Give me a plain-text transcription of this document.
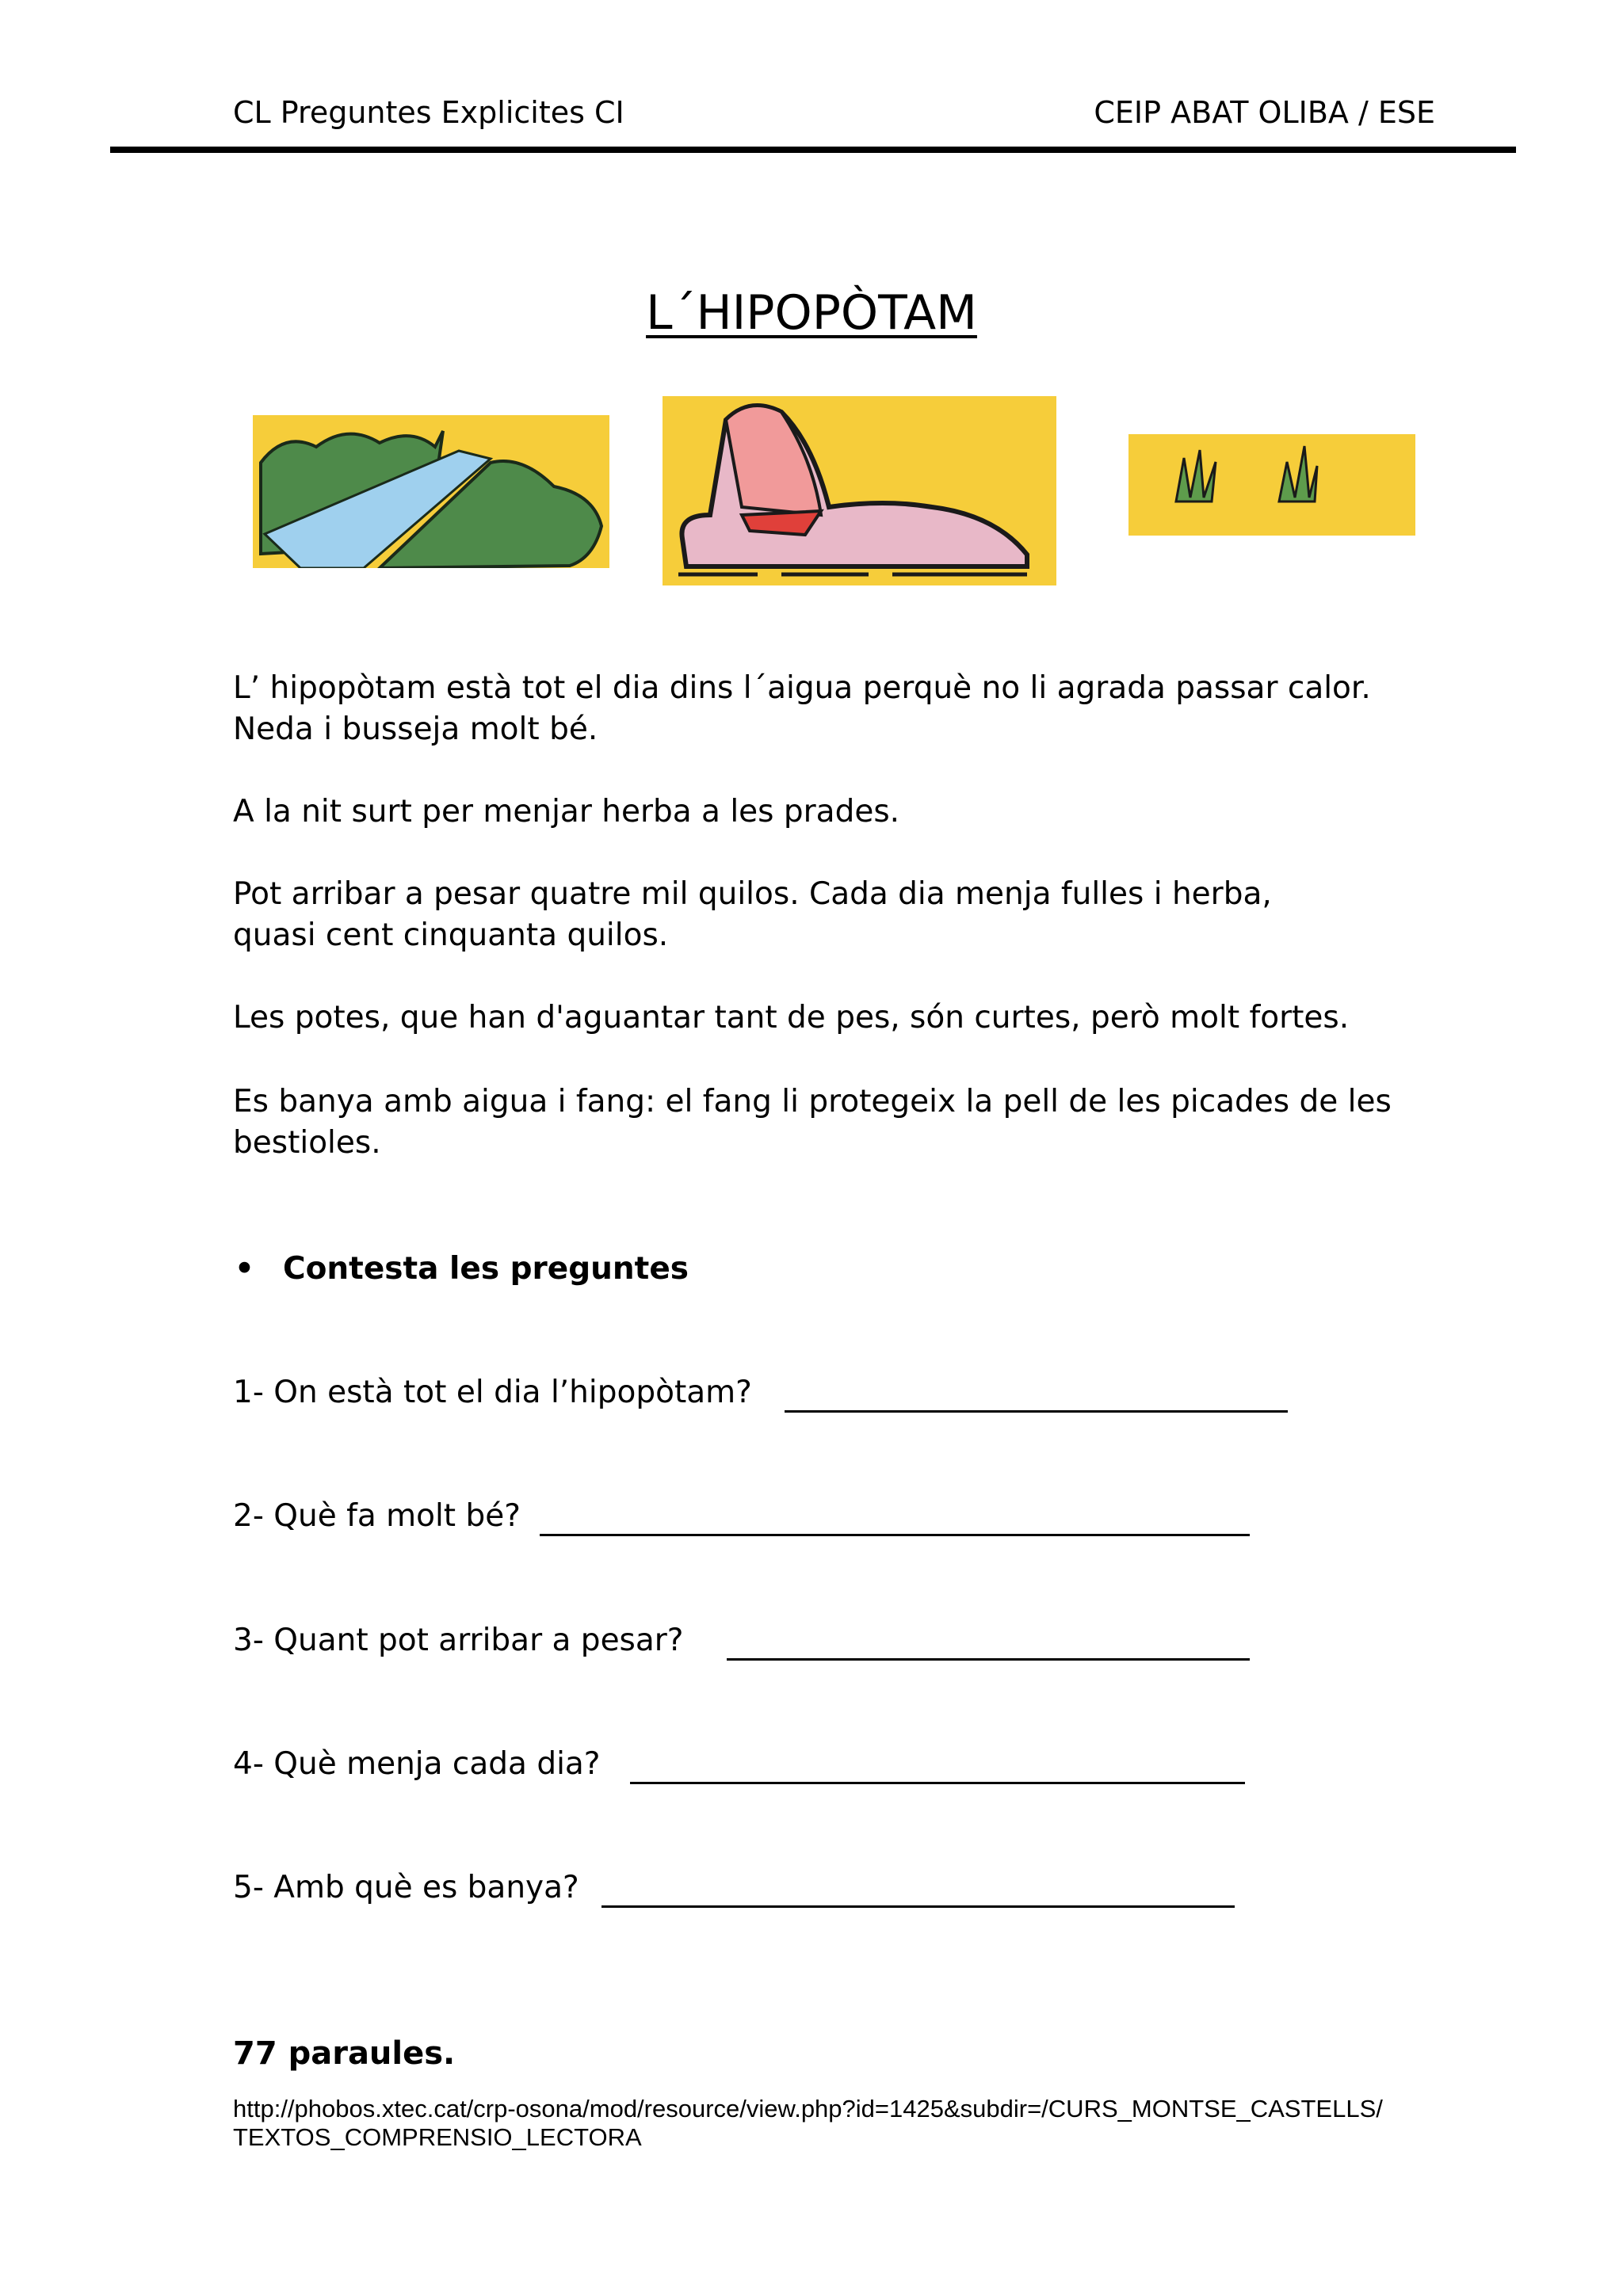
CL Preguntes Explicites CI	CEIP ABAT OLIBA / ESE
L´HIPOPÒTAM
L’ hipopòtam està tot el dia dins l´aigua perquè no li agrada passar calor.
Neda i busseja molt bé.
A la nit surt per menjar herba a les prades.
Pot arribar a pesar quatre mil quilos. Cada dia menja fulles i herba,
quasi cent cinquanta quilos.
Les potes, que han d'aguantar tant de pes, són curtes, però molt fortes.
Es banya amb aigua i fang: el fang li protegeix la pell de les picades de les
bestioles.
• Contesta les preguntes
1- On està tot el dia l’hipopòtam?
2- Què fa molt bé?
3- Quant pot arribar a pesar?
4- Què menja cada dia?
5- Amb què es banya?
77 paraules.
http://phobos.xtec.cat/crp-osona/mod/resource/view.php?id=1425&subdir=/CURS_MONTSE_CASTELLS/
TEXTOS_COMPRENSIO_LECTORA
